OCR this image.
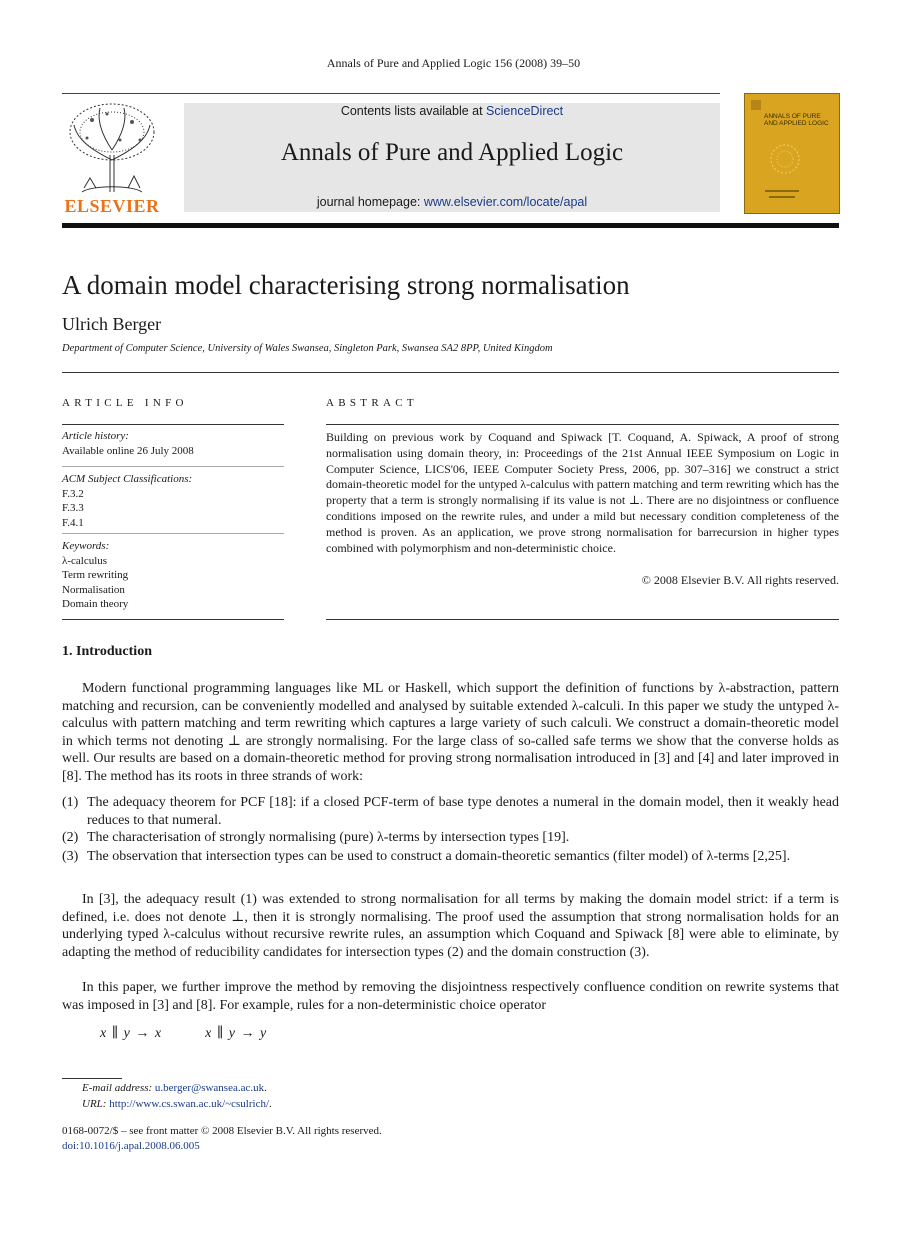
Annals of Pure and Applied Logic 156 (2008) 39–50
ELSEVIER
Contents lists available at ScienceDirect
Annals of Pure and Applied Logic
journal homepage: www.elsevier.com/locate/apal
ANNALS OF PURE AND APPLIED LOGIC
A domain model characterising strong normalisation
Ulrich Berger
Department of Computer Science, University of Wales Swansea, Singleton Park, Swansea SA2 8PP, United Kingdom
ARTICLE INFO
Article history:
Available online 26 July 2008
ACM Subject Classifications:
F.3.2
F.3.3
F.4.1
Keywords:
λ-calculus
Term rewriting
Normalisation
Domain theory
ABSTRACT
Building on previous work by Coquand and Spiwack [T. Coquand, A. Spiwack, A proof of strong normalisation using domain theory, in: Proceedings of the 21st Annual IEEE Symposium on Logic in Computer Science, LICS'06, IEEE Computer Society Press, 2006, pp. 307–316] we construct a strict domain-theoretic model for the untyped λ-calculus with pattern matching and term rewriting which has the property that a term is strongly normalising if its value is not ⊥. There are no disjointness or confluence conditions imposed on the rewrite rules, and under a mild but necessary condition completeness of the method is proven. As an application, we prove strong normalisation for barrecursion in higher types combined with polymorphism and non-deterministic choice.
© 2008 Elsevier B.V. All rights reserved.
1. Introduction
Modern functional programming languages like ML or Haskell, which support the definition of functions by λ-abstraction, pattern matching and recursion, can be conveniently modelled and analysed by suitable extended λ-calculi. In this paper we study the untyped λ-calculus with pattern matching and term rewriting which captures a large variety of such calculi. We construct a domain-theoretic model in which terms not denoting ⊥ are strongly normalising. For the large class of so-called safe terms we show that the converse holds as well. Our results are based on a domain-theoretic method for proving strong normalisation introduced in [3] and [4] and later improved in [8]. The method has its roots in three strands of work:
(1) The adequacy theorem for PCF [18]: if a closed PCF-term of base type denotes a numeral in the domain model, then it weakly head reduces to that numeral.
(2) The characterisation of strongly normalising (pure) λ-terms by intersection types [19].
(3) The observation that intersection types can be used to construct a domain-theoretic semantics (filter model) of λ-terms [2,25].
In [3], the adequacy result (1) was extended to strong normalisation for all terms by making the domain model strict: if a term is defined, i.e. does not denote ⊥, then it is strongly normalising. The proof used the assumption that strong normalisation holds for an underlying typed λ-calculus without recursive rewrite rules, an assumption which Coquand and Spiwack [8] were able to eliminate, by adapting the method of reducibility candidates for intersection types (2) and the domain construction (3).
In this paper, we further improve the method by removing the disjointness respectively confluence condition on rewrite systems that was imposed in [3] and [8]. For example, rules for a non-deterministic choice operator
x ∥ y → x        x ∥ y → y
E-mail address: u.berger@swansea.ac.uk.
URL: http://www.cs.swan.ac.uk/~csulrich/.
0168-0072/$ – see front matter © 2008 Elsevier B.V. All rights reserved.
doi:10.1016/j.apal.2008.06.005
